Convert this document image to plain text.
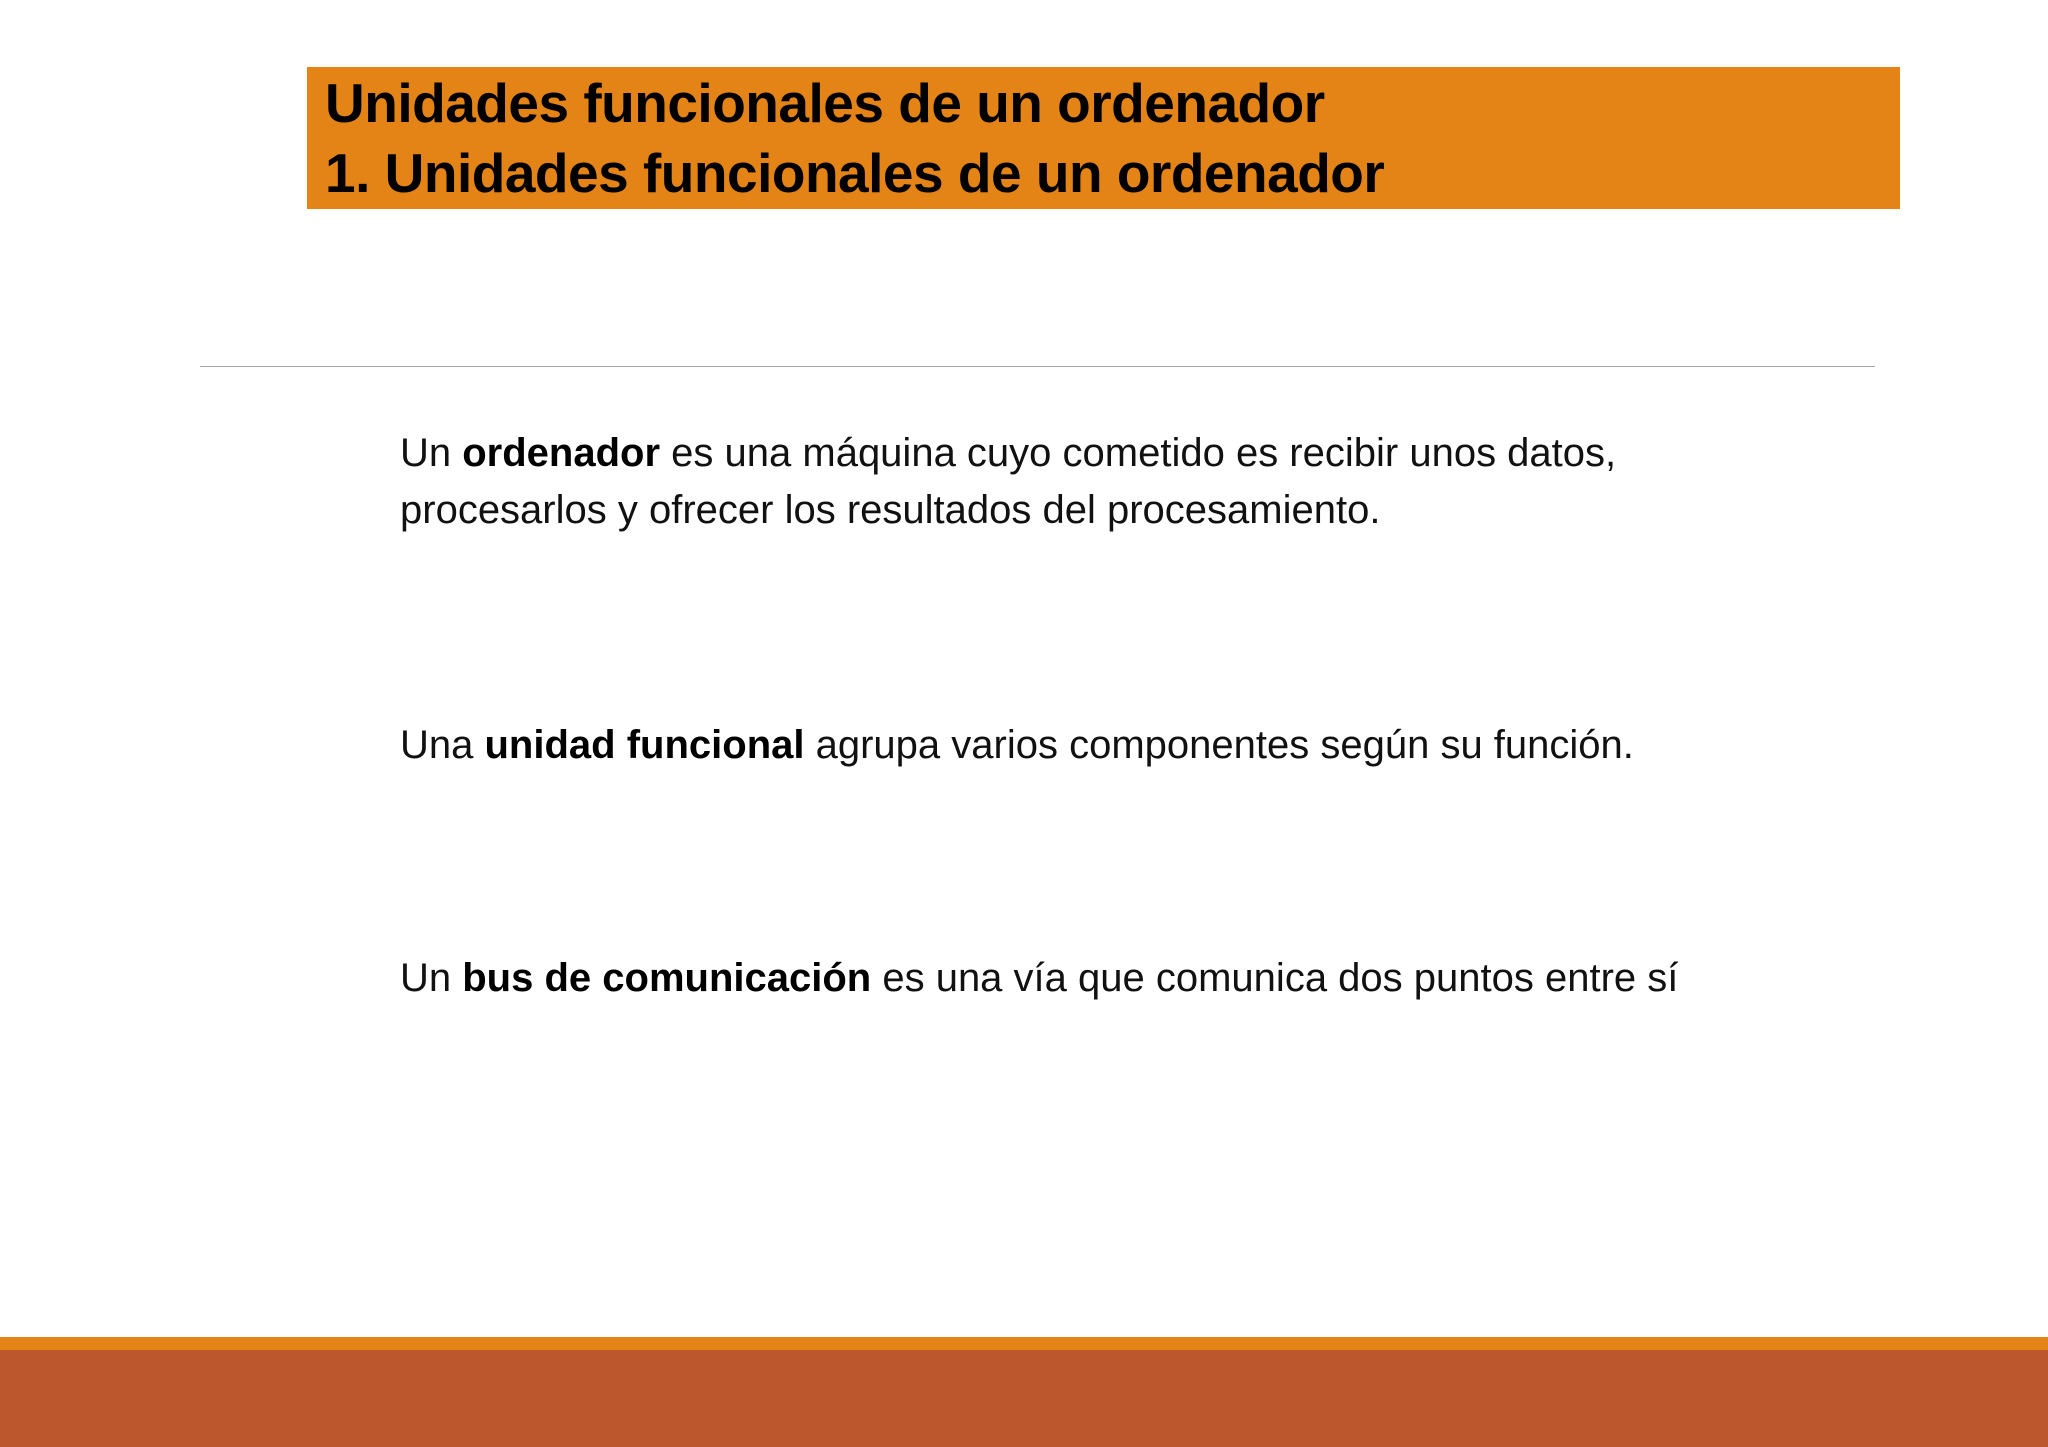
Unidades funcionales de un ordenador
1. Unidades funcionales de un ordenador

Un ordenador es una máquina cuyo cometido es recibir unos datos, procesarlos y ofrecer los resultados del procesamiento.

Una unidad funcional agrupa varios componentes según su función.

Un bus de comunicación es una vía que comunica dos puntos entre sí
